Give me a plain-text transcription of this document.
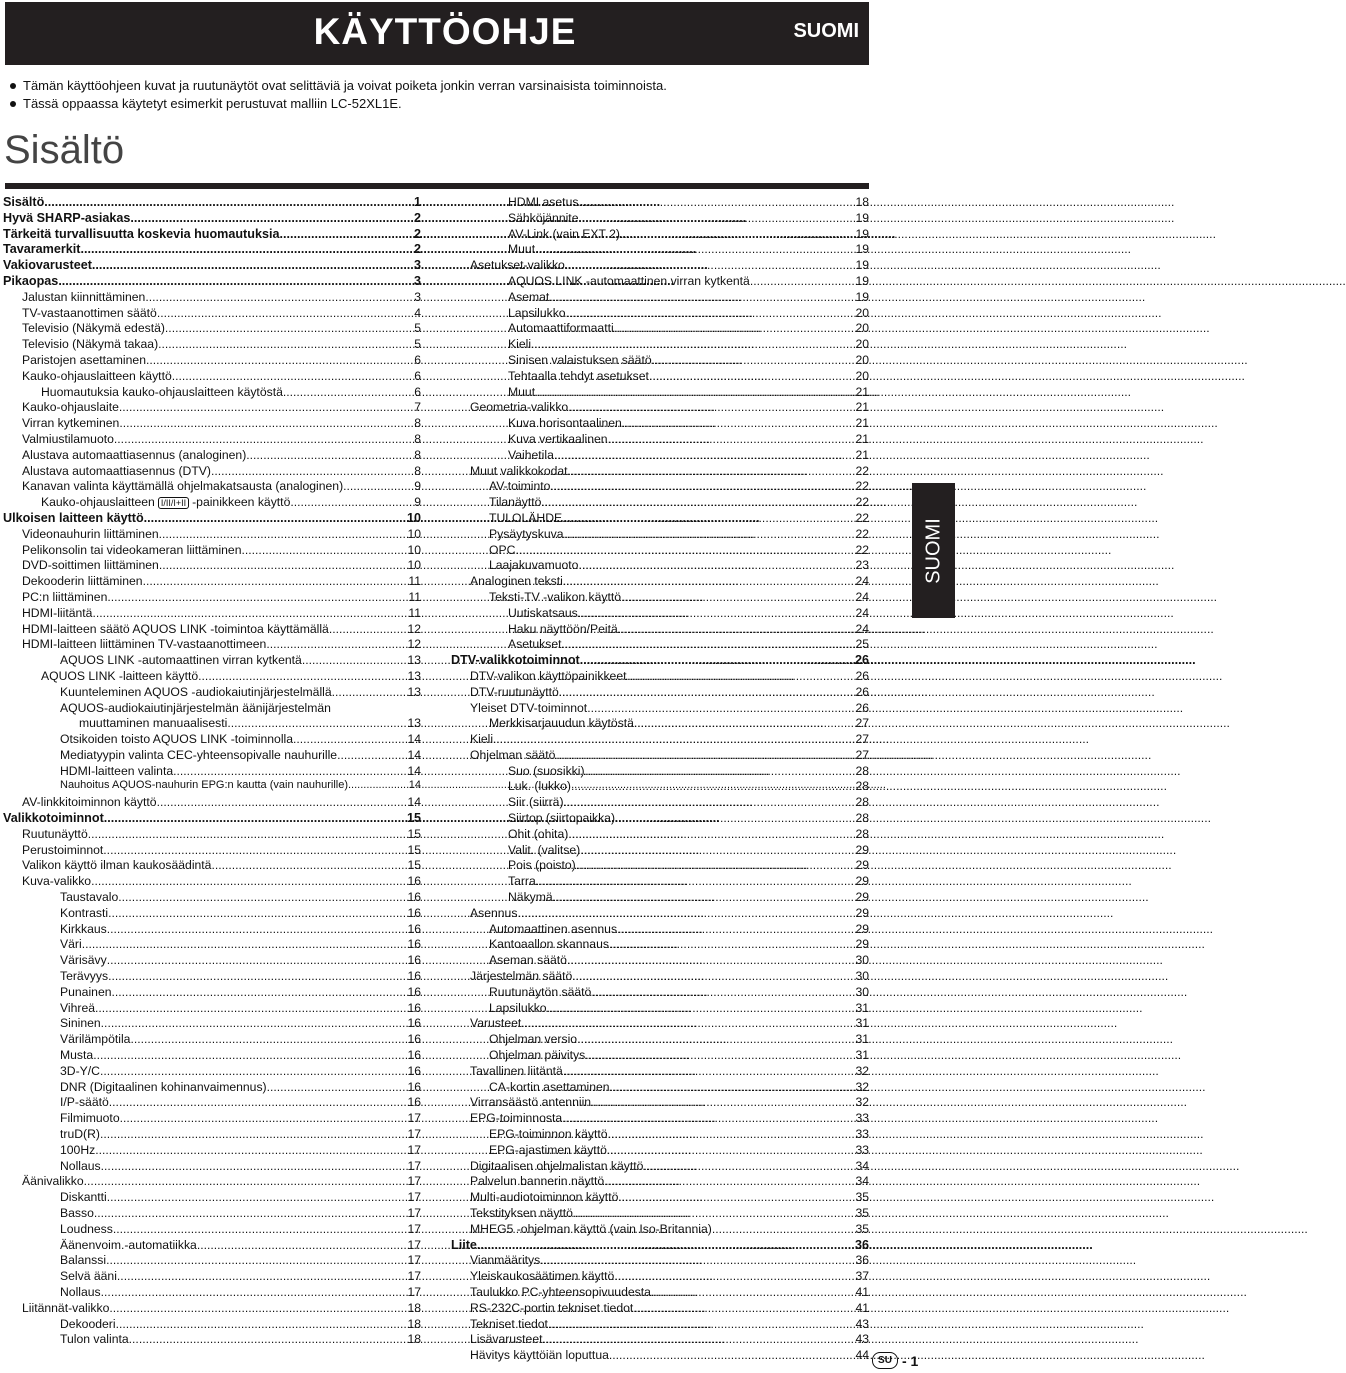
KÄYTTÖOHJE	SUOMI
Tämän käyttöohjeen kuvat ja ruutunäytöt ovat selittäviä ja voivat poiketa jonkin verran varsinaisista toiminnoista.
Tässä oppaassa käytetyt esimerkit perustuvat malliin LC-52XL1E.
Sisältö
Sisältö .....	1
Hyvä SHARP-asiakas .....	2
Tärkeitä turvallisuutta koskevia huomautuksia .....	2
Tavaramerkit .....	2
Vakiovarusteet .....	3
Pikaopas .....	3
Jalustan kiinnittäminen .....	3
TV-vastaanottimen säätö .....	4
Televisio (Näkymä edestä) .....	5
Televisio (Näkymä takaa) .....	5
Paristojen asettaminen .....	6
Kauko-ohjauslaitteen käyttö .....	6
Huomautuksia kauko-ohjauslaitteen käytöstä .....	6
Kauko-ohjauslaite .....	7
Virran kytkeminen .....	8
Valmiustilamuoto .....	8
Alustava automaattiasennus (analoginen) .....	8
Alustava automaattiasennus (DTV) .....	8
Kanavan valinta käyttämällä ohjelmakatsausta (analoginen) .....	9
Kauko-ohjauslaitteen I/II/I+II -painikkeen käyttö .....	9
Ulkoisen laitteen käyttö .....	10
Videonauhurin liittäminen .....	10
Pelikonsolin tai videokameran liittäminen .....	10
DVD-soittimen liittäminen .....	10
Dekooderin liittäminen .....	11
PC:n liittäminen .....	11
HDMI-liitäntä .....	11
HDMI-laitteen säätö AQUOS LINK -toimintoa käyttämällä .....	12
HDMI-laitteen liittäminen TV-vastaanottimeen .....	12
AQUOS LINK -automaattinen virran kytkentä .....	13
AQUOS LINK -laitteen käyttö .....	13
Kuunteleminen AQUOS -audiokaiutinjärjestelmällä .....	13
AQUOS-audiokaiutinjärjestelmän äänijärjestelmän
muuttaminen manuaalisesti .....	13
Otsikoiden toisto AQUOS LINK -toiminnolla .....	14
Mediatyypin valinta CEC-yhteensopivalle nauhurille .....	14
HDMI-laitteen valinta .....	14
Nauhoitus AQUOS-nauhurin EPG:n kautta (vain nauhurille) .....	14
AV-linkkitoiminnon käyttö .....	14
Valikkotoiminnot .....	15
Ruutunäyttö .....	15
Perustoiminnot .....	15
Valikon käyttö ilman kaukosäädintä .....	15
Kuva-valikko .....	16
Taustavalo .....	16
Kontrasti .....	16
Kirkkaus .....	16
Väri .....	16
Värisävy .....	16
Terävyys .....	16
Punainen .....	16
Vihreä .....	16
Sininen .....	16
Värilämpötila .....	16
Musta .....	16
3D-Y/C .....	16
DNR (Digitaalinen kohinanvaimennus) .....	16
I/P-säätö .....	16
Filmimuoto .....	17
truD(R) .....	17
100Hz .....	17
Nollaus .....	17
Äänivalikko .....	17
Diskantti .....	17
Basso .....	17
Loudness .....	17
Äänenvoim.-automatiikka .....	17
Balanssi .....	17
Selvä ääni .....	17
Nollaus .....	17
Liitännät-valikko .....	18
Dekooderi .....	18
Tulon valinta .....	18
HDMI asetus .....	18
Sähköjännite .....	19
AV-Link (vain EXT 2) .....	19
Muut .....	19
Asetukset-valikko .....	19
AQUOS LINK -automaattinen virran kytkentä .....	19
Asemat .....	19
Lapsilukko .....	20
Automaattiformaatti .....	20
Kieli .....	20
Sinisen valaistuksen säätö .....	20
Tehtaalla tehdyt asetukset .....	20
Muut .....	21
Geometria-valikko .....	21
Kuva horisontaalinen .....	21
Kuva vertikaalinen .....	21
Vaihetila .....	21
Muut valikkokodat .....	22
AV-toiminto .....	22
Tilanäyttö .....	22
TULOLÄHDE .....	22
Pysäytyskuva .....	22
OPC .....	22
Laajakuvamuoto .....	23
Analoginen teksti .....	24
Teksti-TV -valikon käyttö .....	24
Uutiskatsaus .....	24
Haku näyttöön/Peitä .....	24
Asetukset .....	25
DTV-valikkotoiminnot .....	26
DTV-valikon käyttöpainikkeet .....	26
DTV-ruutunäyttö .....	26
Yleiset DTV-toiminnot .....	26
Merkkisarjauudun käytöstä .....	27
Kieli .....	27
Ohjelman säätö .....	27
Suo (suosikki) .....	28
Luk. (lukko) .....	28
Siir (siirrä) .....	28
Siirtop (siirtopaikka) .....	28
Ohit (ohita) .....	28
Valit. (valitse) .....	29
Pois (poisto) .....	29
Tarra .....	29
Näkymä .....	29
Asennus .....	29
Automaattinen asennus .....	29
Kantoaallon skannaus .....	29
Aseman säätö .....	30
Järjestelmän säätö .....	30
Ruutunäytön säätö .....	30
Lapsilukko .....	31
Varusteet .....	31
Ohjelman versio .....	31
Ohjelman päivitys .....	31
Tavallinen liitäntä .....	32
CA-kortin asettaminen .....	32
Virransäästö antenniin .....	32
EPG-toiminnosta .....	33
EPG-toiminnon käyttö .....	33
EPG-ajastimen käyttö .....	33
Digitaalisen ohjelmalistan käyttö .....	34
Palvelun bannerin näyttö .....	34
Multi-audiotoiminnon käyttö .....	35
Tekstityksen näyttö .....	35
MHEG5 -ohjelman käyttö (vain Iso-Britannia) .....	35
Liite .....	36
Vianmääritys .....	36
Yleiskaukosäätimen käyttö .....	37
Taulukko PC-yhteensopivuudesta .....	41
RS-232C-portin tekniset tiedot .....	41
Tekniset tiedot .....	43
Lisävarusteet .....	43
Hävitys käyttöiän loputtua .....	44
SUOMI
SU - 1
